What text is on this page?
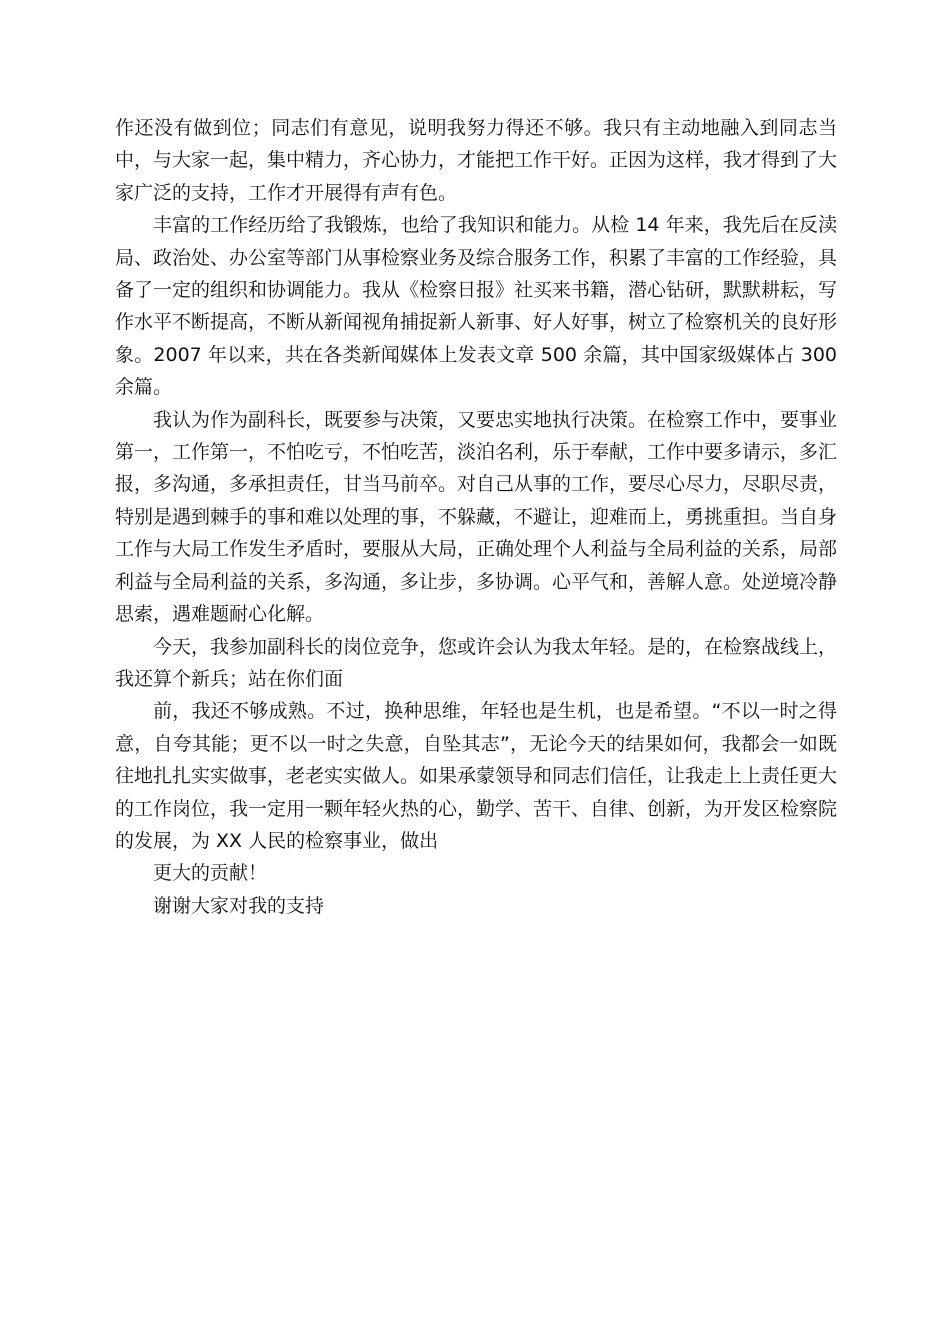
作还没有做到位；同志们有意见，说明我努力得还不够。我只有主动地融入到同志当中，与大家一起，集中精力，齐心协力，才能把工作干好。正因为这样，我才得到了大家广泛的支持，工作才开展得有声有色。

丰富的工作经历给了我锻炼，也给了我知识和能力。从检 14 年来，我先后在反渎局、政治处、办公室等部门从事检察业务及综合服务工作，积累了丰富的工作经验，具备了一定的组织和协调能力。我从《检察日报》社买来书籍，潜心钻研，默默耕耘，写作水平不断提高，不断从新闻视角捕捉新人新事、好人好事，树立了检察机关的良好形象。2007 年以来，共在各类新闻媒体上发表文章 500 余篇，其中国家级媒体占 300 余篇。

我认为作为副科长，既要参与决策，又要忠实地执行决策。在检察工作中，要事业第一，工作第一，不怕吃亏，不怕吃苦，淡泊名利，乐于奉献，工作中要多请示，多汇报，多沟通，多承担责任，甘当马前卒。对自己从事的工作，要尽心尽力，尽职尽责，特别是遇到棘手的事和难以处理的事，不躲藏，不避让，迎难而上，勇挑重担。当自身工作与大局工作发生矛盾时，要服从大局，正确处理个人利益与全局利益的关系，局部利益与全局利益的关系，多沟通，多让步，多协调。心平气和，善解人意。处逆境冷静思索，遇难题耐心化解。

今天，我参加副科长的岗位竞争，您或许会认为我太年轻。是的，在检察战线上，我还算个新兵；站在你们面

前，我还不够成熟。不过，换种思维，年轻也是生机，也是希望。“不以一时之得意，自夸其能；更不以一时之失意，自坠其志”，无论今天的结果如何，我都会一如既往地扎扎实实做事，老老实实做人。如果承蒙领导和同志们信任，让我走上上责任更大的工作岗位，我一定用一颗年轻火热的心，勤学、苦干、自律、创新，为开发区检察院的发展，为 XX 人民的检察事业，做出

更大的贡献！

谢谢大家对我的支持
